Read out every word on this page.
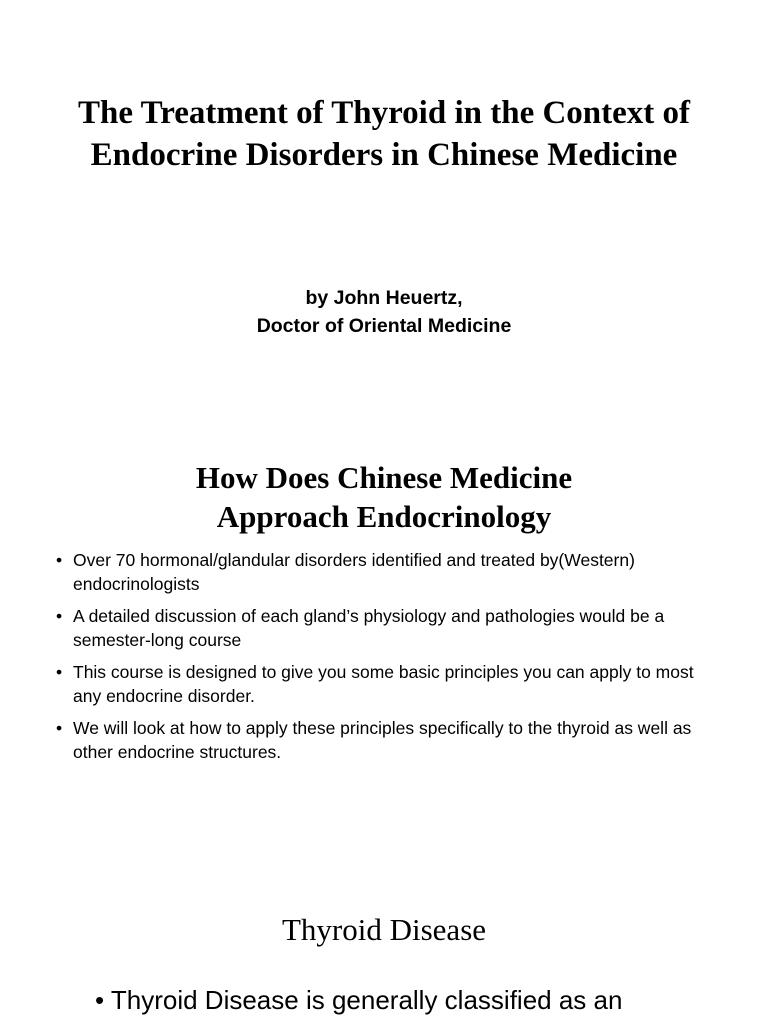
The Treatment of Thyroid in the Context of Endocrine Disorders in Chinese Medicine
by John Heuertz,
Doctor of Oriental Medicine
How Does Chinese Medicine
Approach Endocrinology
• Over 70 hormonal/glandular disorders identified and treated by(Western) endocrinologists
• A detailed discussion of each gland’s physiology and pathologies would be a semester-long course
• This course is designed to give you some basic principles you can apply to most any endocrine disorder.
• We will look at how to apply these principles specifically to the thyroid as well as other endocrine structures.
Thyroid Disease
• Thyroid Disease is generally classified as an
